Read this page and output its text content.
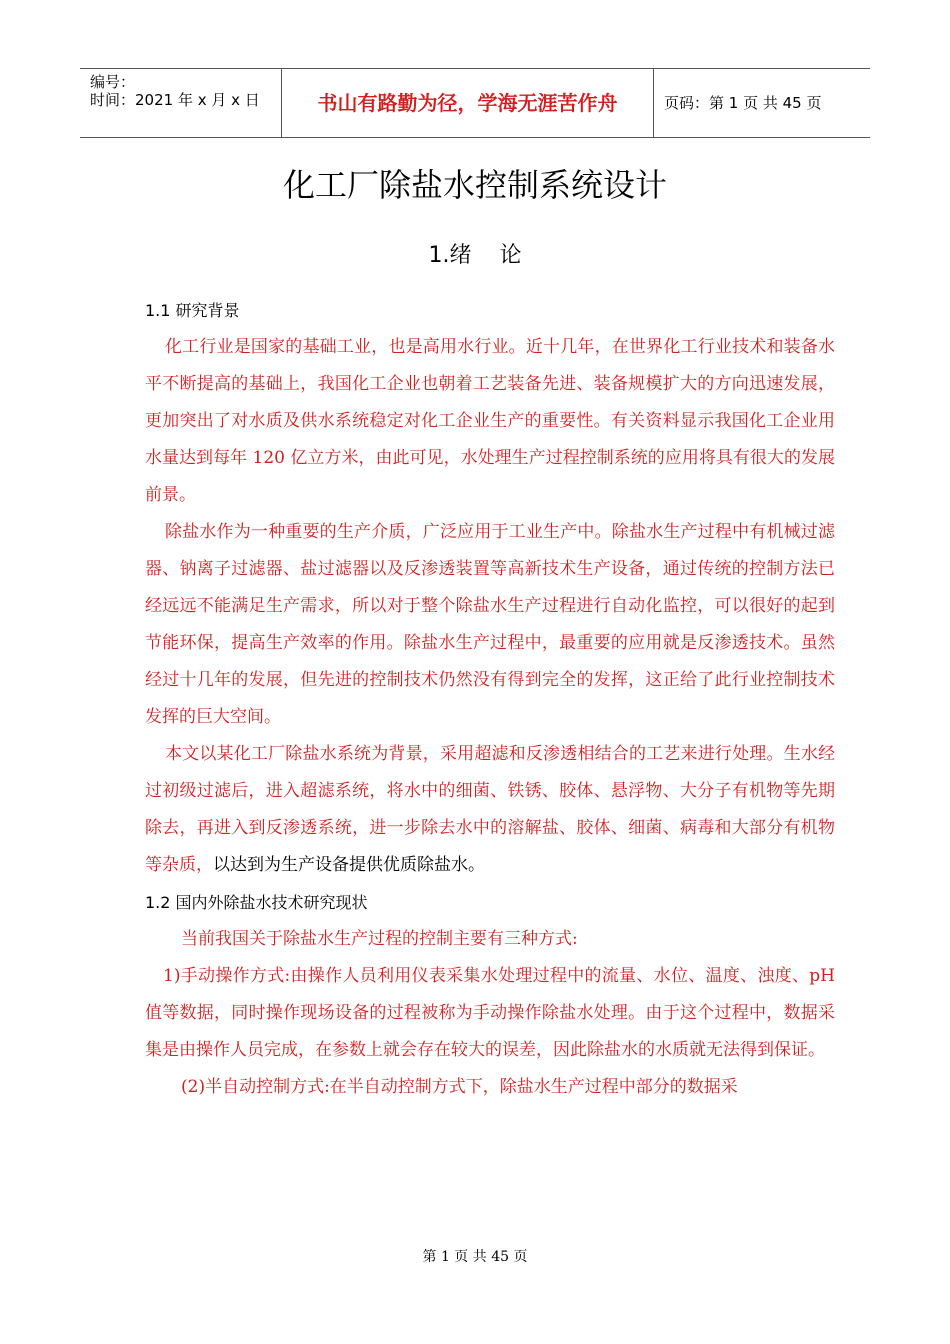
编号：
时间：2021 年 x 月 x 日	书山有路勤为径，学海无涯苦作舟	页码：第 1 页 共 45 页
化工厂除盐水控制系统设计
1.绪    论
1.1 研究背景

化工行业是国家的基础工业，也是高用水行业。近十几年，在世界化工行业技术和装备水平不断提高的基础上，我国化工企业也朝着工艺装备先进、装备规模扩大的方向迅速发展，更加突出了对水质及供水系统稳定对化工企业生产的重要性。有关资料显示我国化工企业用水量达到每年 120 亿立方米，由此可见，水处理生产过程控制系统的应用将具有很大的发展前景。

除盐水作为一种重要的生产介质，广泛应用于工业生产中。除盐水生产过程中有机械过滤器、钠离子过滤器、盐过滤器以及反渗透装置等高新技术生产设备，通过传统的控制方法已经远远不能满足生产需求，所以对于整个除盐水生产过程进行自动化监控，可以很好的起到节能环保，提高生产效率的作用。除盐水生产过程中，最重要的应用就是反渗透技术。虽然经过十几年的发展，但先进的控制技术仍然没有得到完全的发挥，这正给了此行业控制技术发挥的巨大空间。

本文以某化工厂除盐水系统为背景，采用超滤和反渗透相结合的工艺来进行处理。生水经过初级过滤后，进入超滤系统，将水中的细菌、铁锈、胶体、悬浮物、大分子有机物等先期除去，再进入到反渗透系统，进一步除去水中的溶解盐、胶体、细菌、病毒和大部分有机物等杂质，以达到为生产设备提供优质除盐水。

1.2 国内外除盐水技术研究现状

当前我国关于除盐水生产过程的控制主要有三种方式:

1)手动操作方式:由操作人员利用仪表采集水处理过程中的流量、水位、温度、浊度、pH 值等数据，同时操作现场设备的过程被称为手动操作除盐水处理。由于这个过程中，数据采集是由操作人员完成，在参数上就会存在较大的误差，因此除盐水的水质就无法得到保证。

(2)半自动控制方式:在半自动控制方式下，除盐水生产过程中部分的数据采

第 1 页 共 45 页
